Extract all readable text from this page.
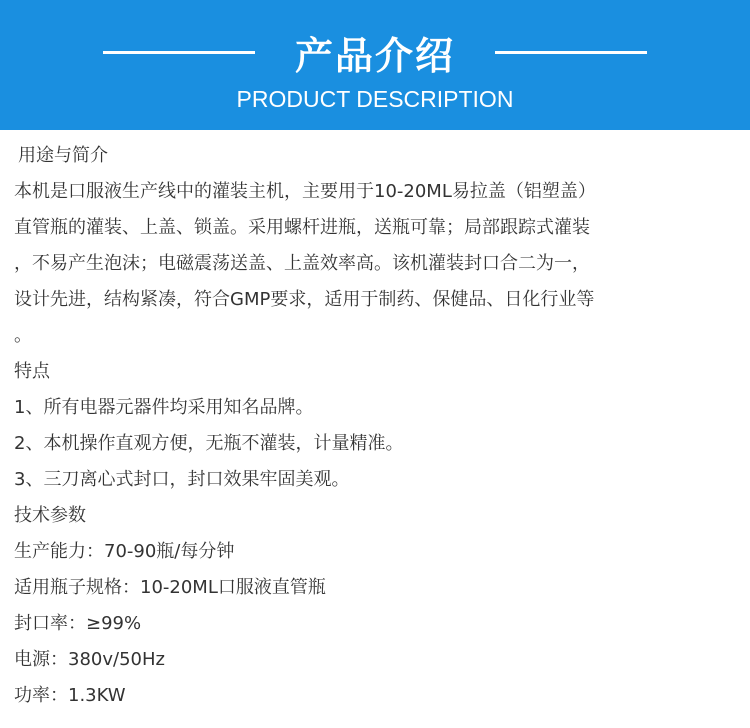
产品介绍
PRODUCT DESCRIPTION

用途与简介

本机是口服液生产线中的灌装主机，主要用于10-20ML易拉盖（铝塑盖）

直管瓶的灌装、上盖、锁盖。采用螺杆进瓶，送瓶可靠；局部跟踪式灌装

，不易产生泡沫；电磁震荡送盖、上盖效率高。该机灌装封口合二为一，

设计先进，结构紧凑，符合GMP要求，适用于制药、保健品、日化行业等

。

特点

1、所有电器元器件均采用知名品牌。

2、本机操作直观方便，无瓶不灌装，计量精准。

3、三刀离心式封口，封口效果牢固美观。

技术参数

生产能力：70-90瓶/每分钟

适用瓶子规格：10-20ML口服液直管瓶

封口率：≥99%

电源：380v/50Hz

功率：1.3KW
